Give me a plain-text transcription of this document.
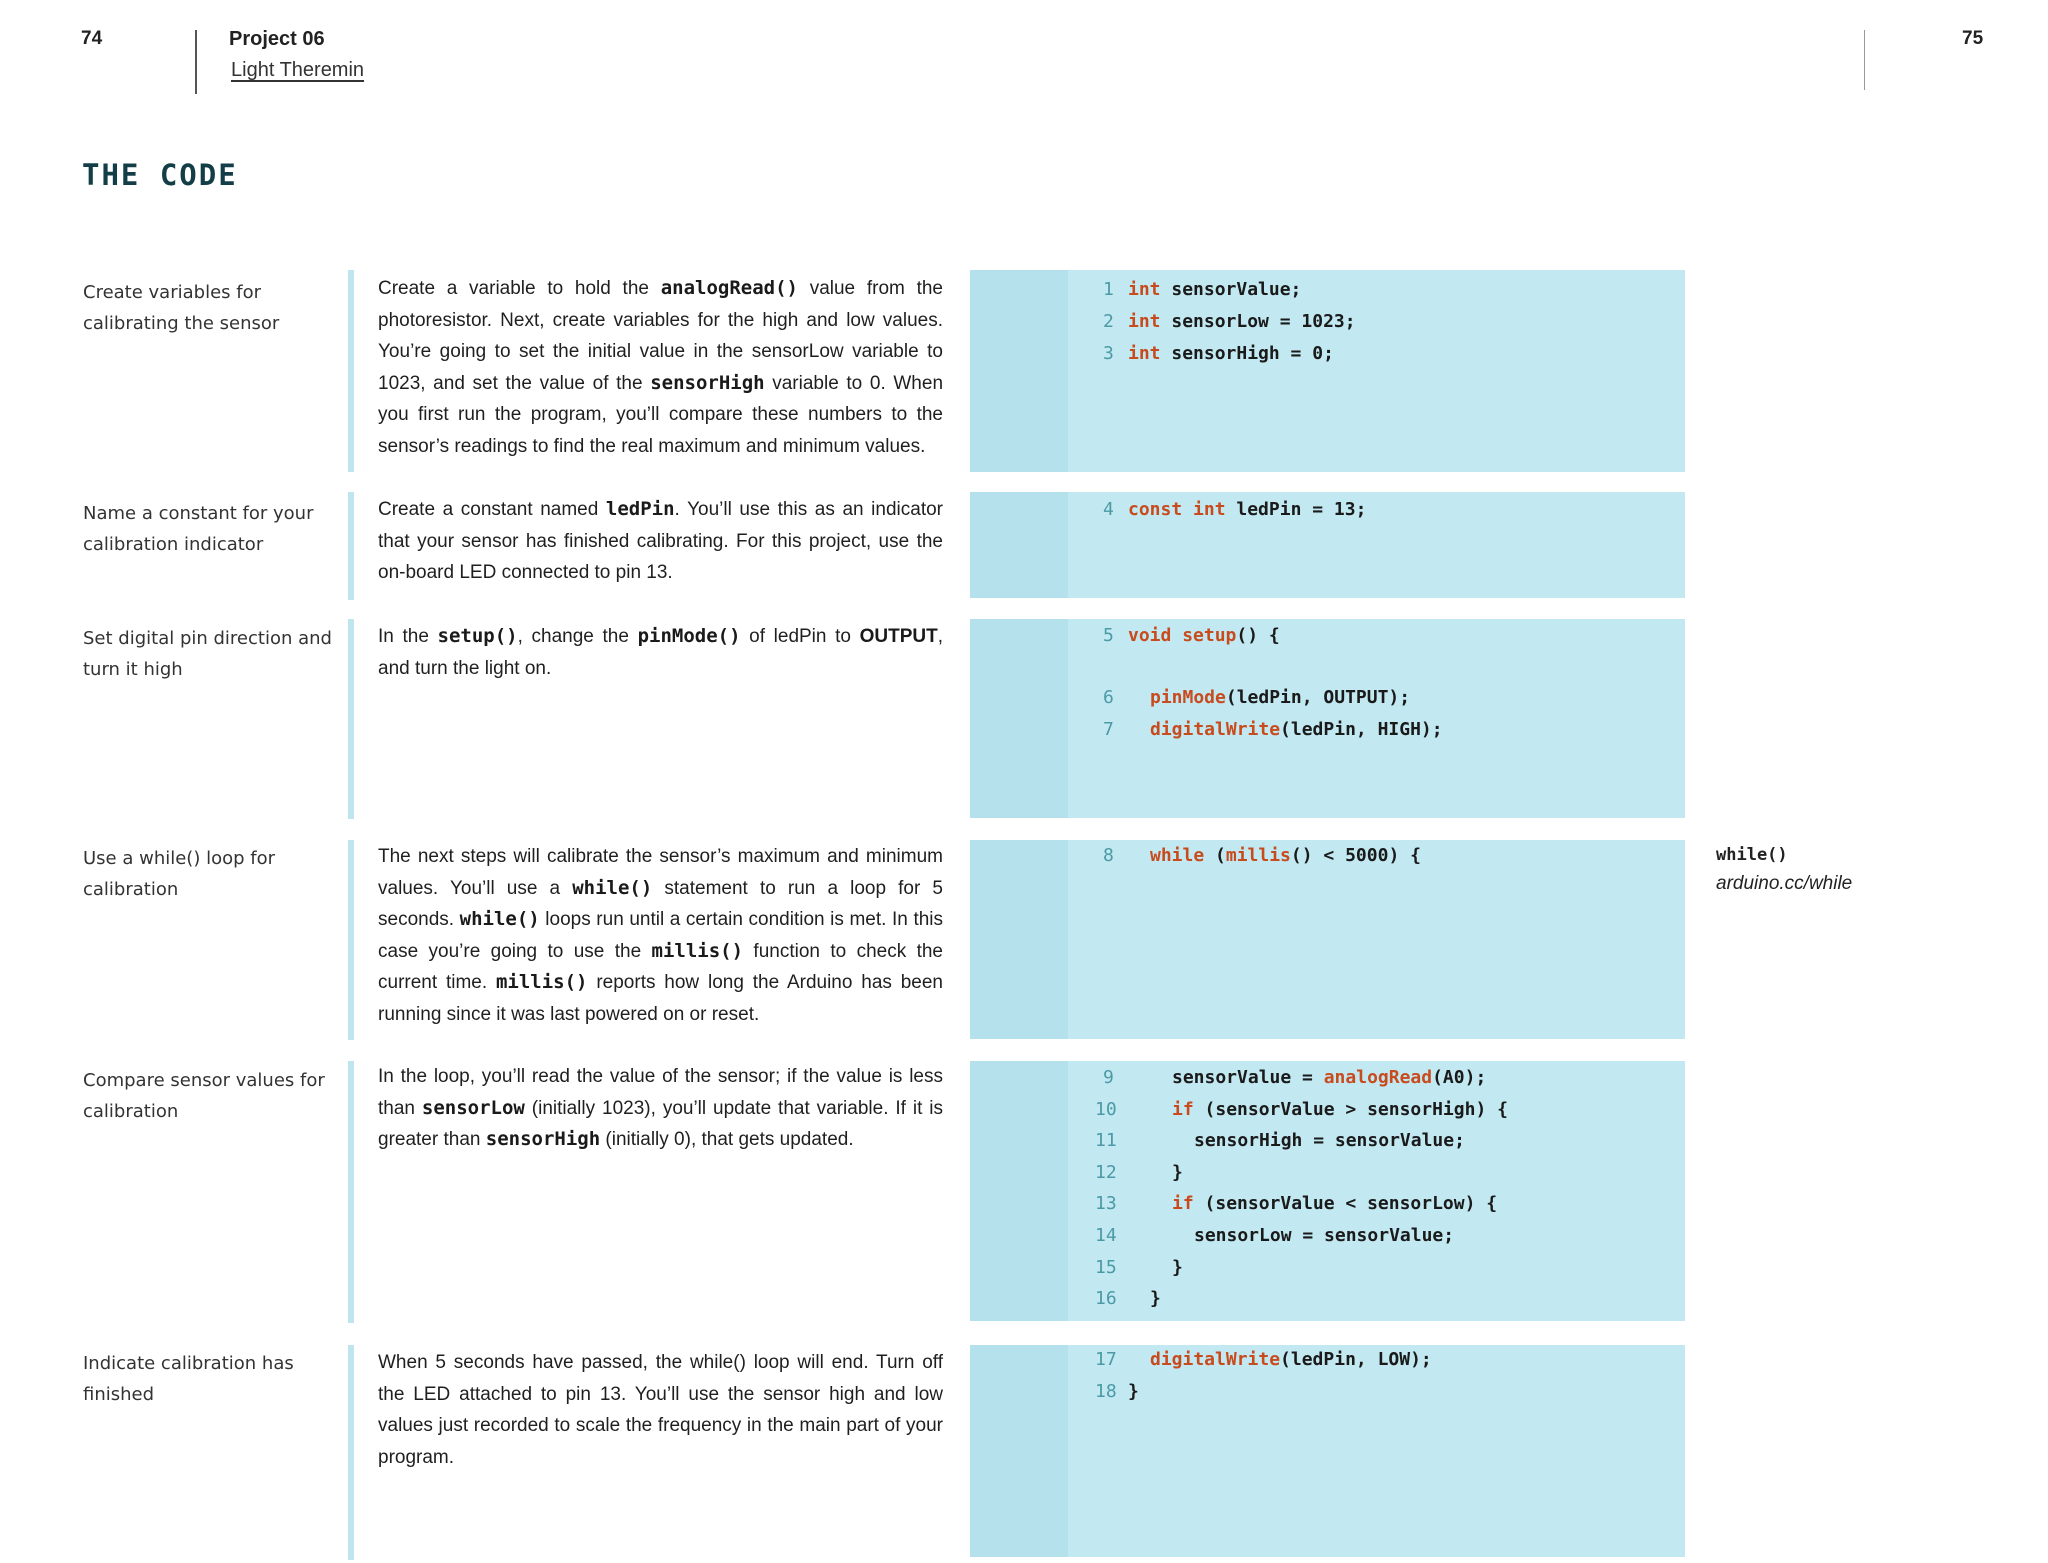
74	Project 06
Light Theremin
75
THE CODE
Create variables for
calibrating the sensor
Create a variable to hold the analogRead() value from the photoresistor. Next, create variables for the high and low values. You’re going to set the initial value in the sensorLow variable to 1023, and set the value of the sensorHigh variable to 0. When you first run the program, you’ll compare these numbers to the sensor’s readings to find the real maximum and minimum values.
1 int sensorValue;
2 int sensorLow = 1023;
3 int sensorHigh = 0;
Name a constant for your
calibration indicator
Create a constant named ledPin. You’ll use this as an indicator that your sensor has finished calibrating. For this project, use the on-board LED connected to pin 13.
4 const int ledPin = 13;
Set digital pin direction and
turn it high
In the setup(), change the pinMode() of ledPin to OUTPUT, and turn the light on.
5 void setup() {
6	pinMode(ledPin, OUTPUT);
7	digitalWrite(ledPin, HIGH);
Use a while() loop for
calibration
The next steps will calibrate the sensor’s maximum and minimum values. You’ll use a while() statement to run a loop for 5 seconds. while() loops run until a certain condition is met. In this case you’re going to use the millis() function to check the current time. millis() reports how long the Arduino has been running since it was last powered on or reset.
8	while (millis() < 5000) {
Compare sensor values for
calibration
In the loop, you’ll read the value of the sensor; if the value is less than sensorLow (initially 1023), you’ll update that variable. If it is greater than sensorHigh (initially 0), that gets updated.
9	sensorValue = analogRead(A0);
10	if (sensorValue > sensorHigh) {
11	sensorHigh = sensorValue;
12	}
13	if (sensorValue < sensorLow) {
14	sensorLow = sensorValue;
15	}
16	}
Indicate calibration has
finished
When 5 seconds have passed, the while() loop will end. Turn off the LED attached to pin 13. You’ll use the sensor high and low values just recorded to scale the frequency in the main part of your program.
17	digitalWrite(ledPin, LOW);
18 }
while()
arduino.cc/while
